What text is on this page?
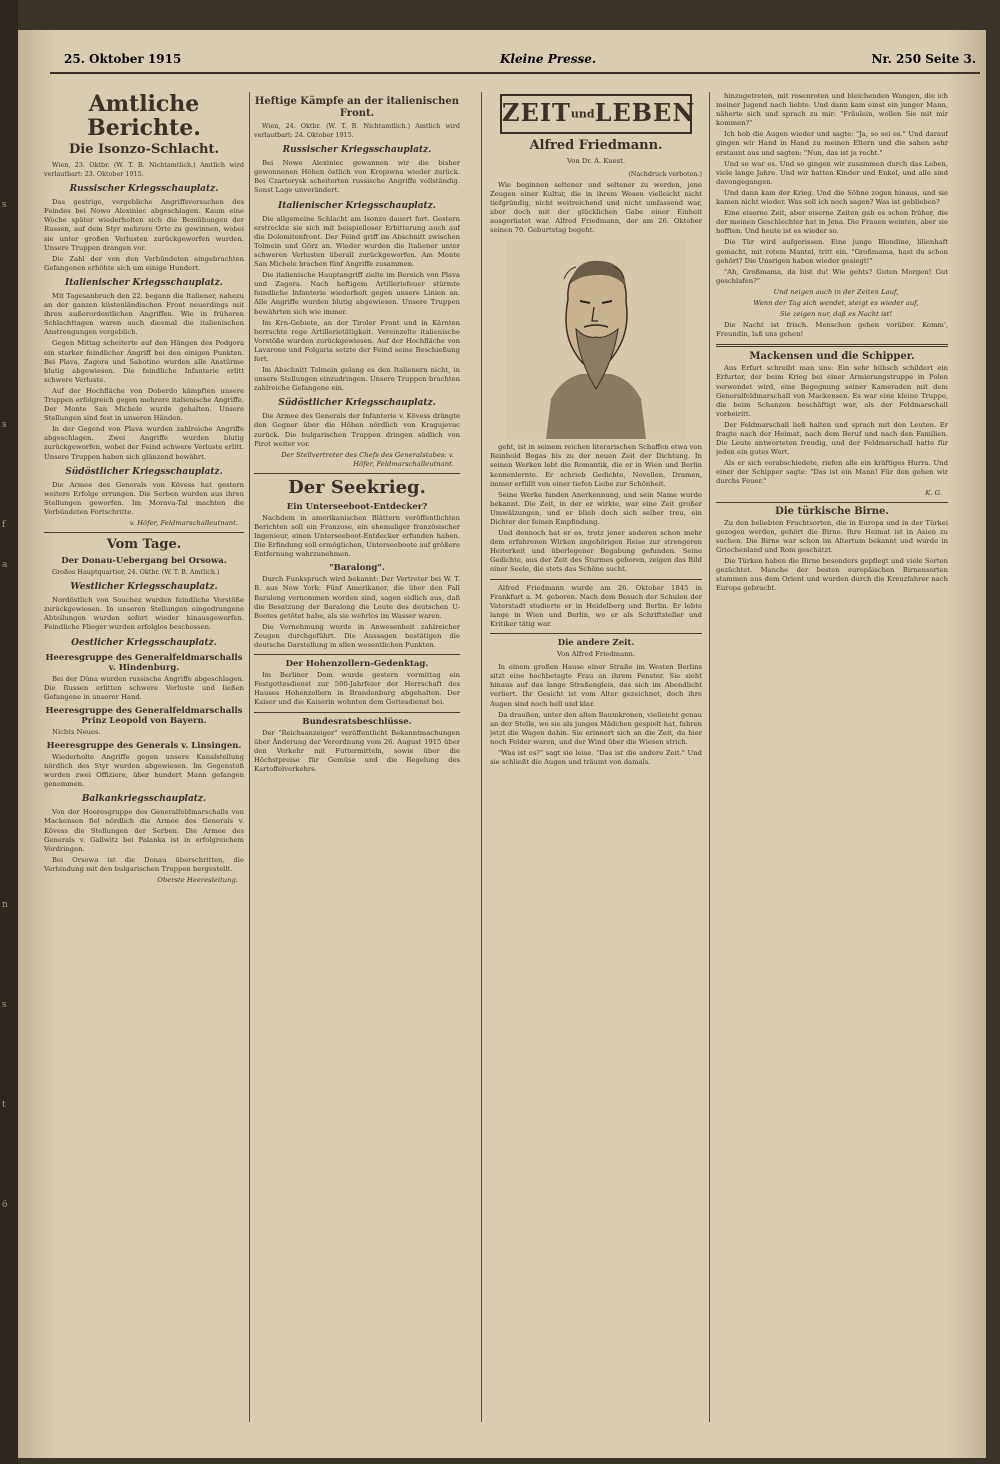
s
s
f
a
n
s
t
ö
25. Oktober 1915	Kleine Presse.	Nr. 250 Seite 3.
Amtliche Berichte.
Die Isonzo-Schlacht.

Wien, 23. Oktbr. (W. T. B. Nichtamtlich.) Amtlich wird verlautbart: 23. Oktober 1915.

Russischer Kriegsschauplatz.

Das gestrige, vergebliche Angriffsversuchen des Feindes bei Nowo Alexiniec abgeschlagen. Kaum eine Woche später wiederholten sich die Bemühungen der Russen, auf dem Styr mehrere Orte zu gewinnen, wobei sie unter großen Verlusten zurückgeworfen wurden. Unsere Truppen drangen vor.

Die Zahl der von den Verbündeten eingebrachten Gefangenen erhöhte sich um einige Hundert.

Italienischer Kriegsschauplatz.

Mit Tagesanbruch den 22. begann die Italiener, nahezu an der ganzen küstenländischen Front neuerdings mit ihren außerordentlichen Angriffen. Wie in früheren Schlachttagen waren auch diesmal die italienischen Anstrengungen vergeblich.

Gegen Mittag scheiterte auf den Hängen des Podgora ein starker feindlicher Angriff bei den einigen Punkten. Bei Plava, Zagora und Sabotino wurden alle Anstürme blutig abgewiesen. Die feindliche Infanterie erlitt schwere Verluste.

Auf der Hochfläche von Doberdo kämpften unsere Truppen erfolgreich gegen mehrere italienische Angriffe. Der Monte San Michele wurde gehalten. Unsere Stellungen sind fest in unseren Händen.

In der Gegend von Plava wurden zahlreiche Angriffe abgeschlagen. Zwei Angriffe wurden blutig zurückgeworfen, wobei der Feind schwere Verluste erlitt. Unsere Truppen haben sich glänzend bewährt.

Südöstlicher Kriegsschauplatz.

Die Armee des Generals von Kövess hat gestern weitere Erfolge errungen. Die Serben wurden aus ihren Stellungen geworfen. Im Morava-Tal machten die Verbündeten Fortschritte.

v. Höfer, Feldmarschalleutnant.

Vom Tage.
Der Donau-Uebergang bei Orsowa.

Großes Hauptquartier, 24. Oktbr. (W. T. B. Amtlich.)

Westlicher Kriegsschauplatz.

Nordöstlich von Souchez wurden feindliche Vorstöße zurückgewiesen. In unseren Stellungen eingedrungene Abteilungen wurden sofort wieder hinausgeworfen. Feindliche Flieger wurden erfolglos beschossen.

Oestlicher Kriegsschauplatz.
Heeresgruppe des Generalfeldmarschalls v. Hindenburg.

Bei der Düna wurden russische Angriffe abgeschlagen. Die Russen erlitten schwere Verluste und ließen Gefangene in unserer Hand.

Heeresgruppe des Generalfeldmarschalls Prinz Leopold von Bayern.

Nichts Neues.

Heeresgruppe des Generals v. Linsingen.

Wiederholte Angriffe gegen unsere Kanalstellung nördlich des Styr wurden abgewiesen. Im Gegenstoß wurden zwei Offiziere, über hundert Mann gefangen genommen.

Balkankriegsschauplatz.

Von der Heeresgruppe des Generalfeldmarschalls von Mackensen fiel nördlich die Armee des Generals v. Kövess die Stellungen der Serben. Die Armee des Generals v. Gallwitz bei Palanka ist in erfolgreichem Vordringen.

Bei Orsowa ist die Donau überschritten, die Verbindung mit den bulgarischen Truppen hergestellt.

Oberste Heeresleitung.

Heftige Kämpfe an der italienischen Front.

Wien, 24. Oktbr. (W. T. B. Nichtamtlich.) Amtlich wird verlautbart: 24. Oktober 1915.

Russischer Kriegsschauplatz.

Bei Nowo Alexiniec gewannen wir die bisher gewonnenen Höhen östlich von Kropiwna wieder zurück. Bei Czartorysk scheiterten russische Angriffe vollständig. Sonst Lage unverändert.

Italienischer Kriegsschauplatz.

Die allgemeine Schlacht am Isonzo dauert fort. Gestern erstreckte sie sich mit beispielloser Erbitterung auch auf die Dolomitenfront. Der Feind griff im Abschnitt zwischen Tolmein und Görz an. Wieder wurden die Italiener unter schweren Verlusten überall zurückgeworfen. Am Monte San Michele brachen fünf Angriffe zusammen.

Die italienische Hauptangriff zielte im Bereich von Plava und Zagora. Nach heftigem Artilleriefeuer stürmte feindliche Infanterie wiederholt gegen unsere Linien an. Alle Angriffe wurden blutig abgewiesen. Unsere Truppen bewährten sich wie immer.

Im Krn-Gebiete, an der Tiroler Front und in Kärnten herrschte rege Artillerietätigkeit. Vereinzelte italienische Vorstöße wurden zurückgewiesen. Auf der Hochfläche von Lavarone und Folgaria setzte der Feind seine Beschießung fort.

Im Abschnitt Tolmein gelang es den Italienern nicht, in unsere Stellungen einzudringen. Unsere Truppen brachten zahlreiche Gefangene ein.

Südöstlicher Kriegsschauplatz.

Die Armee des Generals der Infanterie v. Kövess drängte den Gegner über die Höhen nördlich von Kragujevac zurück. Die bulgarischen Truppen dringen südlich von Pirot weiter vor.

Der Stellvertreter des Chefs des Generalstabes: v. Höfer, Feldmarschalleutnant.

Der Seekrieg.
Ein Unterseeboot-Entdecker?

Nachdem in amerikanischen Blättern veröffentlichten Berichten soll ein Franzose, ein ehemaliger französischer Ingenieur, einen Unterseeboot-Entdecker erfunden haben. Die Erfindung soll ermöglichen, Unterseeboote auf größere Entfernung wahrzunehmen.

"Baralong".

Durch Funkspruch wird bekannt: Der Vertreter bei W. T. B. aus New York: Fünf Amerikaner, die über den Fall Baralong vernommen worden sind, sagen eidlich aus, daß die Besatzung der Baralong die Leute des deutschen U-Bootes getötet habe, als sie wehrlos im Wasser waren.

Die Vernehmung wurde in Anwesenheit zahlreicher Zeugen durchgeführt. Die Aussagen bestätigen die deutsche Darstellung in allen wesentlichen Punkten.

Der Hohenzollern-Gedenktag.

Im Berliner Dom wurde gestern vormittag ein Festgottesdienst zur 500-Jahrfeier der Herrschaft des Hauses Hohenzollern in Brandenburg abgehalten. Der Kaiser und die Kaiserin wohnten dem Gottesdienst bei.

Bundesratsbeschlüsse.

Der "Reichsanzeiger" veröffentlicht Bekanntmachungen über Änderung der Verordnung vom 26. August 1915 über den Verkehr mit Futtermitteln, sowie über die Höchstpreise für Gemüse und die Regelung des Kartoffelverkehrs.

ZEITundLEBEN
Alfred Friedmann.
Von Dr. A. Kuest.

(Nachdruck verboten.)

Wie beginnen seltener und seltener zu werden, jene Zeugen einer Kultur, die in ihrem Wesen vielleicht nicht tiefgründig, nicht weitreichend und nicht umfassend war, aber doch mit der glücklichen Gabe einer Einheit ausgerüstet war. Alfred Friedmann, der am 26. Oktober seinen 70. Geburtstag begeht.

geht, ist in seinem reichen literarischen Schaffen etwa von Reinhold Begas bis zu der neuen Zeit der Dichtung. In seinen Werken lebt die Romantik, die er in Wien und Berlin kennenlernte. Er schrieb Gedichte, Novellen, Dramen, immer erfüllt von einer tiefen Liebe zur Schönheit.

Seine Werke fanden Anerkennung, und sein Name wurde bekannt. Die Zeit, in der er wirkte, war eine Zeit großer Umwälzungen, und er blieb doch sich selber treu, ein Dichter der feinen Empfindung.

Und dennoch hat er es, trotz jener anderen schon mehr dem erfahrenen Wirken angehörigen Reise zur strengeren Heiterkeit und überlegener Begabung gefunden. Seine Gedichte, aus der Zeit des Sturmes geboren, zeigen das Bild einer Seele, die stets das Schöne sucht.

Alfred Friedmann wurde am 26. Oktober 1845 in Frankfurt a. M. geboren. Nach dem Besuch der Schulen der Vaterstadt studierte er in Heidelberg und Berlin. Er lebte lange in Wien und Berlin, wo er als Schriftsteller und Kritiker tätig war.

Die andere Zeit.
Von Alfred Friedmann.

In einem großen Hause einer Straße im Westen Berlins sitzt eine hochbetagte Frau an ihrem Fenster. Sie sieht hinaus auf das lange Straßengleis, das sich im Abendlicht verliert. Ihr Gesicht ist vom Alter gezeichnet, doch ihre Augen sind noch hell und klar.

Da draußen, unter den alten Baumkronen, vielleicht genau an der Stelle, wo sie als junges Mädchen gespielt hat, fahren jetzt die Wagen dahin. Sie erinnert sich an die Zeit, da hier noch Felder waren, und der Wind über die Wiesen strich.

"Was ist es?" sagt sie leise. "Das ist die andere Zeit." Und sie schließt die Augen und träumt von damals.

hinzugetreten, mit rosenroten und bleichenden Wangen, die ich meiner Jugend nach liebte. Und dann kam einst ein junger Mann, näherte sich und sprach zu mir: "Fräulein, wollen Sie mit mir kommen?"

Ich hob die Augen wieder und sagte: "Ja, so sei es." Und darauf gingen wir Hand in Hand zu meinen Eltern und die sahen sehr erstaunt aus und sagten: "Nun, das ist ja recht."

Und so war es. Und so gingen wir zusammen durch das Leben, viele lange Jahre. Und wir hatten Kinder und Enkel, und alle sind davongegangen.

Und dann kam der Krieg. Und die Söhne zogen hinaus, und sie kamen nicht wieder. Was soll ich noch sagen? Was ist geblieben?

Eine eiserne Zeit, aber eiserne Zeiten gab es schon früher, die der meinen Geschlechter hat in Jena. Die Frauen weinten, aber sie hofften. Und heute ist es wieder so.

Die Tür wird aufgerissen. Eine junge Blondine, lilienhaft gemacht, mit rotem Mantel, tritt ein. "Großmama, hast du schon gehört? Die Unsrigen haben wieder gesiegt!"

"Ah, Großmama, da bist du! Wie gehts? Guten Morgen! Gut geschlafen?"

Und neigen auch in der Zeiten Lauf,

Wenn der Tag sich wendet, steigt es wieder auf,

Sie zeigen nur, daß es Nacht ist!

Die Nacht ist frisch. Menschen gehen vorüber. Komm', Freundin, laß uns gehen!

Mackensen und die Schipper.

Aus Erfurt schreibt man uns: Ein sehr hübsch schildert ein Erfurter, der beim Krieg bei einer Armierungstruppe in Polen verwendet wird, eine Begegnung seiner Kameraden mit dem Generalfeldmarschall von Mackensen. Es war eine kleine Truppe, die beim Schanzen beschäftigt war, als der Feldmarschall vorbeiritt.

Der Feldmarschall ließ halten und sprach mit den Leuten. Er fragte nach der Heimat, nach dem Beruf und nach den Familien. Die Leute antworteten freudig, und der Feldmarschall hatte für jeden ein gutes Wort.

Als er sich verabschiedete, riefen alle ein kräftiges Hurra. Und einer der Schipper sagte: "Das ist ein Mann! Für den gehen wir durchs Feuer."

K. G.

Die türkische Birne.

Zu den beliebten Fruchtsorten, die in Europa und in der Türkei gezogen werden, gehört die Birne. Ihre Heimat ist in Asien zu suchen. Die Birne war schon im Altertum bekannt und wurde in Griechenland und Rom geschätzt.

Die Türken haben die Birne besonders gepflegt und viele Sorten gezüchtet. Manche der besten europäischen Birnensorten stammen aus dem Orient und wurden durch die Kreuzfahrer nach Europa gebracht.
